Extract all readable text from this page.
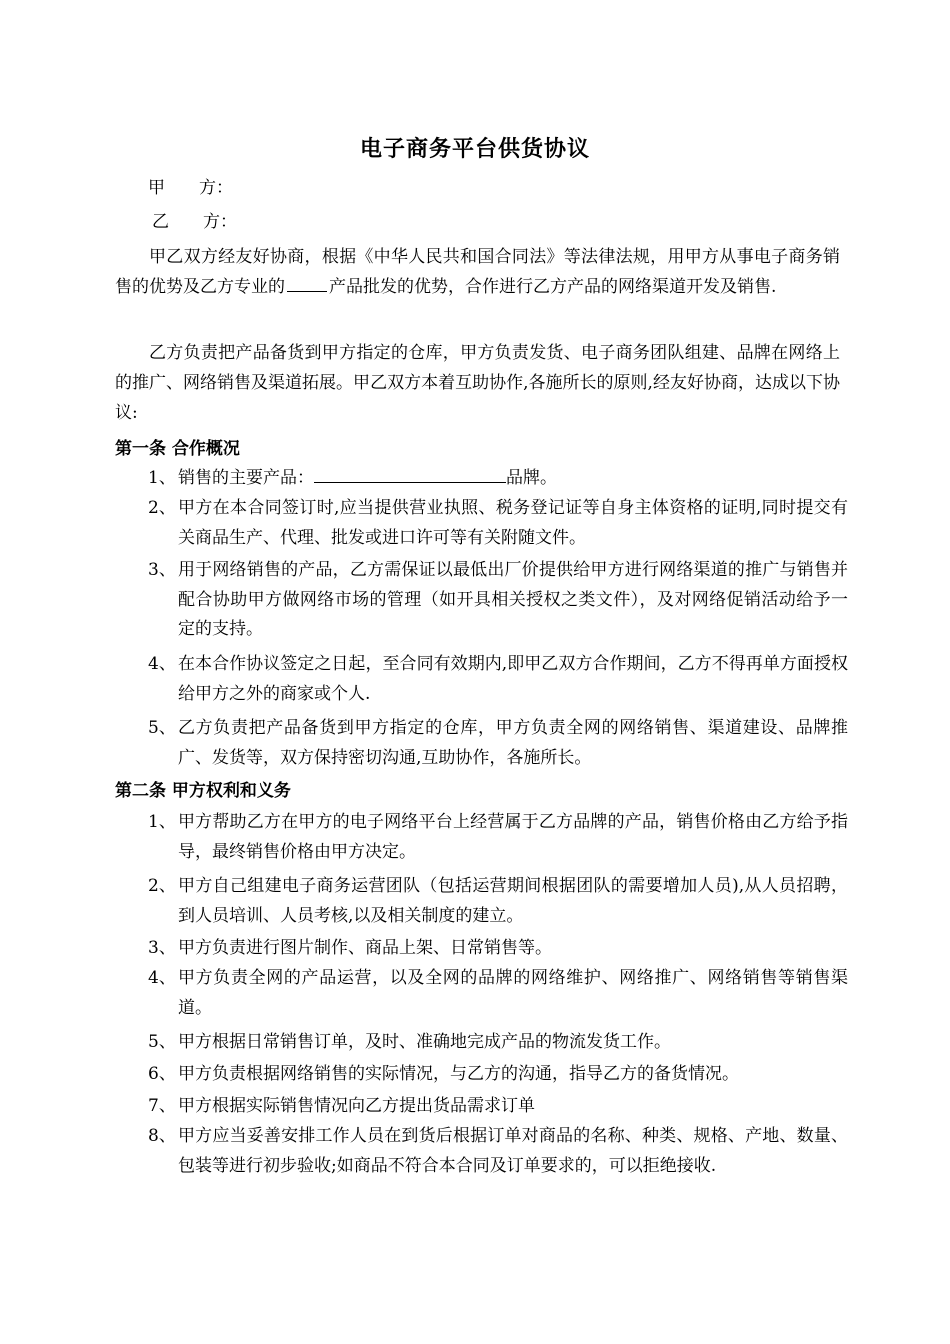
电子商务平台供货协议
甲　　方：
乙　　方：
甲乙双方经友好协商，根据《中华人民共和国合同法》等法律法规，用甲方从事电子商务销售的优势及乙方专业的	产品批发的优势，合作进行乙方产品的网络渠道开发及销售.
乙方负责把产品备货到甲方指定的仓库，甲方负责发货、电子商务团队组建、品牌在网络上的推广、网络销售及渠道拓展。甲乙双方本着互助协作,各施所长的原则,经友好协商，达成以下协议:
第一条 合作概况
1、 销售的主要产品：	品牌。
2、 甲方在本合同签订时,应当提供营业执照、税务登记证等自身主体资格的证明,同时提交有关商品生产、代理、批发或进口许可等有关附随文件。
3、 用于网络销售的产品，乙方需保证以最低出厂价提供给甲方进行网络渠道的推广与销售并配合协助甲方做网络市场的管理（如开具相关授权之类文件），及对网络促销活动给予一定的支持。
4、 在本合作协议签定之日起，至合同有效期内,即甲乙双方合作期间，乙方不得再单方面授权给甲方之外的商家或个人.
5、 乙方负责把产品备货到甲方指定的仓库，甲方负责全网的网络销售、渠道建设、品牌推广、发货等，双方保持密切沟通,互助协作，各施所长。
第二条 甲方权利和义务
1、 甲方帮助乙方在甲方的电子网络平台上经营属于乙方品牌的产品，销售价格由乙方给予指导，最终销售价格由甲方决定。
2、 甲方自己组建电子商务运营团队（包括运营期间根据团队的需要增加人员),从人员招聘，到人员培训、人员考核,以及相关制度的建立。
3、 甲方负责进行图片制作、商品上架、日常销售等。
4、 甲方负责全网的产品运营，以及全网的品牌的网络维护、网络推广、网络销售等销售渠道。
5、 甲方根据日常销售订单，及时、准确地完成产品的物流发货工作。
6、 甲方负责根据网络销售的实际情况，与乙方的沟通，指导乙方的备货情况。
7、 甲方根据实际销售情况向乙方提出货品需求订单
8、 甲方应当妥善安排工作人员在到货后根据订单对商品的名称、种类、规格、产地、数量、包装等进行初步验收;如商品不符合本合同及订单要求的，可以拒绝接收.
